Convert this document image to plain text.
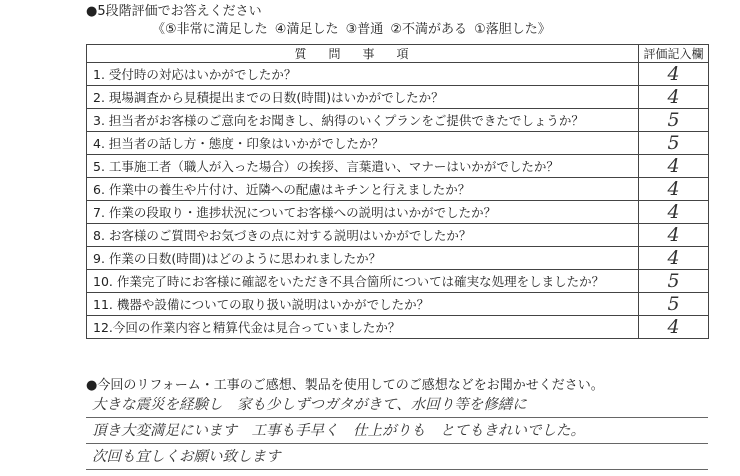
●5段階評価でお答えください
《⑤非常に満足した ④満足した ③普通 ②不満がある ①落胆した》
質問事項	評価記入欄
1. 受付時の対応はいかがでしたか？	4
2. 現場調査から見積提出までの日数(時間)はいかがでしたか？	4
3. 担当者がお客様のご意向をお聞きし、納得のいくプランをご提供できたでしょうか？	5
4. 担当者の話し方・態度・印象はいかがでしたか？	5
5. 工事施工者（職人が入った場合）の挨拶、言葉遣い、マナーはいかがでしたか？	4
6. 作業中の養生や片付け、近隣への配慮はキチンと行えましたか？	4
7. 作業の段取り・進捗状況についてお客様への説明はいかがでしたか？	4
8. お客様のご質問やお気づきの点に対する説明はいかがでしたか？	4
9. 作業の日数(時間)はどのように思われましたか？	4
10. 作業完了時にお客様に確認をいただき不具合箇所については確実な処理をしましたか？	5
11. 機器や設備についての取り扱い説明はいかがでしたか？	5
12.今回の作業内容と精算代金は見合っていましたか？	4
●今回のリフォーム・工事のご感想、製品を使用してのご感想などをお聞かせください。
大きな震災を経験し　家も少しずつガタがきて、水回り等を修繕に
頂き大変満足にいます　工事も手早く　仕上がりも　とてもきれいでした。
次回も宜しくお願い致します
